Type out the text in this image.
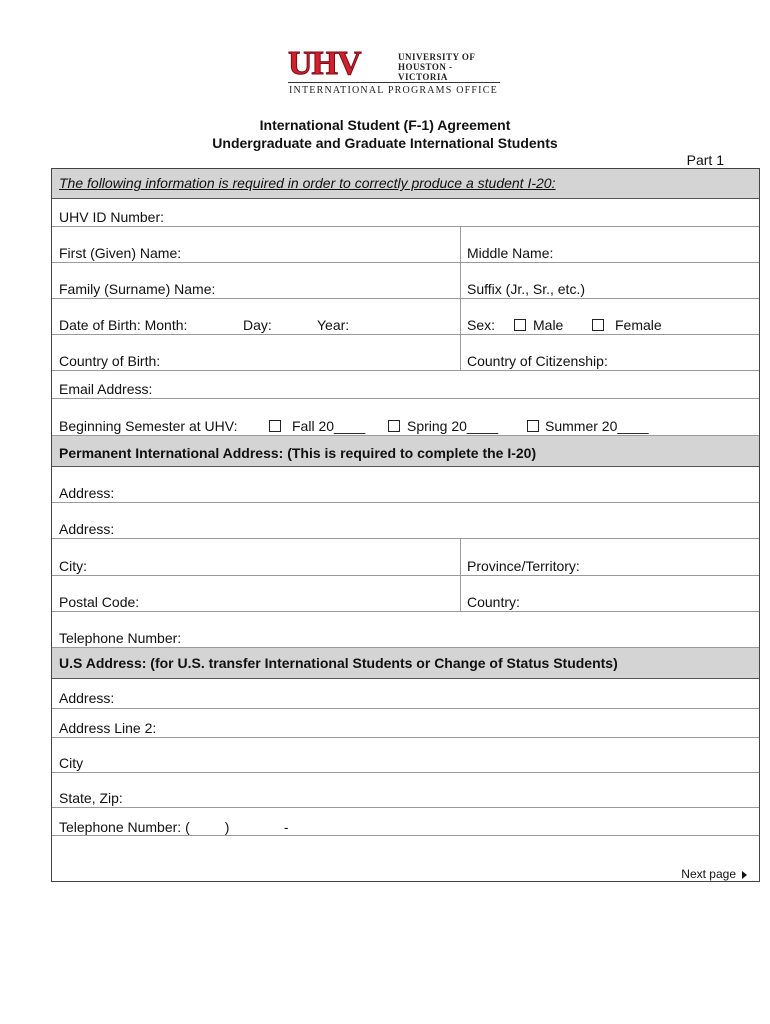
UHV	UNIVERSITY OF
HOUSTON - VICTORIA
INTERNATIONAL PROGRAMS OFFICE
International Student (F-1) Agreement
Undergraduate and Graduate International Students
Part 1
The following information is required in order to correctly produce a student I-20:
UHV ID Number:
First (Given) Name:	Middle Name:
Family (Surname) Name:	Suffix (Jr., Sr., etc.)
Date of Birth: Month:	Day:	Year:	Sex:	Male	Female
Country of Birth:	Country of Citizenship:
Email Address:
Beginning Semester at UHV:	Fall 20____	Spring 20____	Summer 20____
Permanent International Address: (This is required to complete the I-20)
Address:
Address:
City:	Province/Territory:
Postal Code:	Country:
Telephone Number:
U.S Address: (for U.S. transfer International Students or Change of Status Students)
Address:
Address Line 2:
City
State, Zip:
Telephone Number: (         )              -
Next page
